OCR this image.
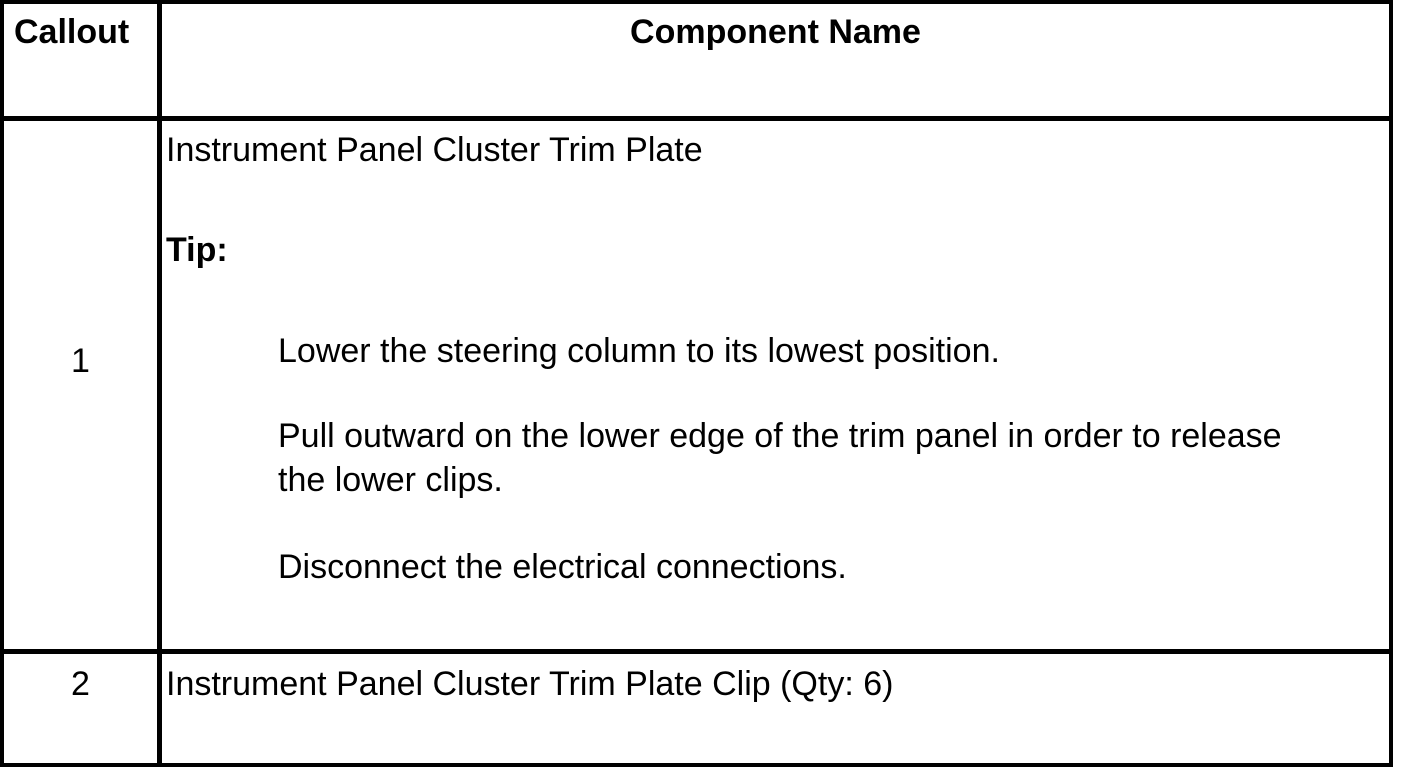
Callout	Component Name
1
Instrument Panel Cluster Trim Plate
Tip:
Lower the steering column to its lowest position.
Pull outward on the lower edge of the trim panel in order to release the lower clips.
Disconnect the electrical connections.
2	Instrument Panel Cluster Trim Plate Clip (Qty: 6)
